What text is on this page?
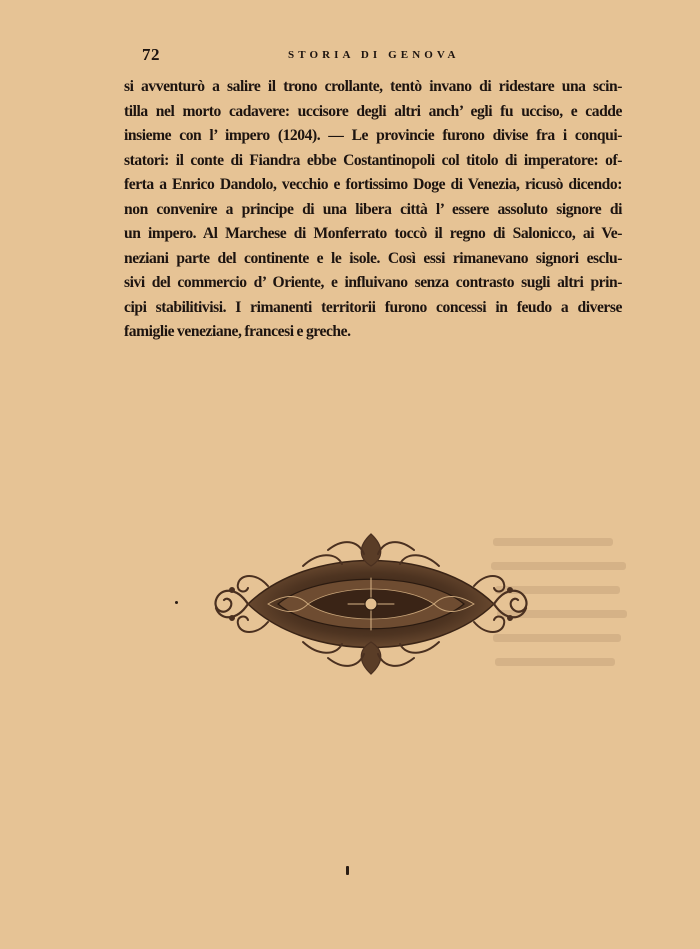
72	STORIA DI GENOVA

si avventurò a salire il trono crollante, tentò invano di ridestare una scin-
tilla nel morto cadavere: uccisore degli altri anch’ egli fu ucciso, e cadde
insieme con l’ impero (1204). — Le provincie furono divise fra i conqui-
statori: il conte di Fiandra ebbe Costantinopoli col titolo di imperatore: of-
ferta a Enrico Dandolo, vecchio e fortissimo Doge di Venezia, ricusò dicendo:
non convenire a principe di una libera città l’ essere assoluto signore di
un impero. Al Marchese di Monferrato toccò il regno di Salonicco, ai Ve-
neziani parte del continente e le isole. Così essi rimanevano signori esclu-
sivi del commercio d’ Oriente, e influivano senza contrasto sugli altri prin-
cipi stabilitivisi. I rimanenti territorii furono concessi in feudo a diverse
famiglie veneziane, francesi e greche.
